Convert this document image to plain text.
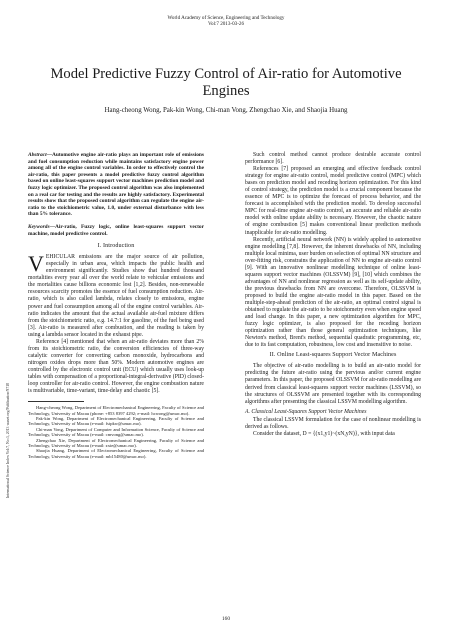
World Academy of Science, Engineering and Technology
Vol:7 2013-03-26
Model Predictive Fuzzy Control of Air-ratio for Automotive Engines
Hang-cheong Wong, Pak-kin Wong, Chi-man Vong, Zhengchao Xie, and Shaojia Huang
International Science Index Vol:7, No:3, 2013 waset.org/Publication/9718
Abstract—Automotive engine air-ratio plays an important role of emissions and fuel consumption reduction while maintains satisfactory engine power among all of the engine control variables. In order to effectively control the air-ratio, this paper presents a model predictive fuzzy control algorithm based on online least-squares support vector machines prediction model and fuzzy logic optimizer. The proposed control algorithm was also implemented on a real car for testing and the results are highly satisfactory. Experimental results show that the proposed control algorithm can regulate the engine air-ratio to the stoichiometric value, 1.0, under external disturbance with less than 5% tolerance.
Keywords—Air-ratio, Fuzzy logic, online least-squares support vector machine, model predictive control.
I. Introduction

VEHICULAR emissions are the major source of air pollution, especially in urban area, which impacts the public health and environment significantly. Studies show that hundred thousand mortalities every year all over the world relate to vehicular emissions and the mortalities cause billions economic lost [1,2]. Besides, non-renewable resources scarcity promotes the essence of fuel consumption reduction. Air-ratio, which is also called lambda, relates closely to emissions, engine power and fuel consumption among all of the engine control variables. Air-ratio indicates the amount that the actual available air-fuel mixture differs from the stoichiometric ratio, e.g. 14.7:1 for gasoline, of the fuel being used [3]. Air-ratio is measured after combustion, and the reading is taken by using a lambda sensor located in the exhaust pipe.

Reference [4] mentioned that when an air-ratio deviates more than 2% from its stoichiometric ratio, the conversion efficiencies of three-way catalytic converter for converting carbon monoxide, hydrocarbons and nitrogen oxides drops more than 50%. Modern automotive engines are controlled by the electronic control unit (ECU) which usually uses look-up tables with compensation of a proportional-integral-derivative (PID) closed-loop controller for air-ratio control. However, the engine combustion nature is multivariable, time-variant, time-delay and chaotic [5].

Hang-cheong Wong, Department of Electromechanical Engineering, Faculty of Science and Technology, University of Macau (phone: +853 8397 4292; e-mail: hcwong@umac.mo).

Pak-kin Wong, Department of Electromechanical Engineering, Faculty of Science and Technology, University of Macau (e-mail: fstpkw@umac.mo).

Chi-man Vong, Department of Computer and Information Science, Faculty of Science and Technology, University of Macau (e-mail: cmvong@umac.mo).

Zhengchao Xie, Department of Electromechanical Engineering, Faculty of Science and Technology, University of Macau (e-mail: zxie@umac.mo).

Shaojia Huang, Department of Electromechanical Engineering, Faculty of Science and Technology, University of Macau (e-mail: mb15480@umac.mo).

Such control method cannot produce desirable accurate control performance [6].

References [7] proposed an emerging and effective feedback control strategy for engine air-ratio control, model predictive control (MPC) which bases on prediction model and receding horizon optimization. For this kind of control strategy, the prediction model is a crucial component because the essence of MPC is to optimize the forecast of process behavior, and the forecast is accomplished with the prediction model. To develop successful MPC for real-time engine air-ratio control, an accurate and reliable air-ratio model with online update ability is necessary. However, the chaotic nature of engine combustion [5] makes conventional linear prediction methods inapplicable for air-ratio modelling.

Recently, artificial neural network (NN) is widely applied to automotive engine modelling [7,8]. However, the inherent drawbacks of NN, including multiple local minima, user burden on selection of optimal NN structure and over-fitting risk, constrains the application of NN to engine air-ratio control [9]. With an innovative nonlinear modelling technique of online least-squares support vector machines (OLSSVM) [9], [10] which combines the advantages of NN and nonlinear regression as well as its self-update ability, the previous drawbacks from NN are overcome. Therefore, OLSSVM is proposed to build the engine air-ratio model in this paper. Based on the multiple-step-ahead prediction of the air-ratio, an optimal control signal is obtained to regulate the air-ratio to be stoichometry even when engine speed and load change. In this paper, a new optimization algorithm for MPC, fuzzy logic optimizer, is also proposed for the receding horizon optimization rather than those general optimization techniques, like Newton's method, Brent's method, sequential quadratic programming, etc, due to its fast computation, robustness, low cost and insensitive to noise.

II. Online Least-squares Support Vector Machines

The objective of air-ratio modelling is to build an air-ratio model for predicting the future air-ratio using the pervious and/or current engine parameters. In this paper, the proposed OLSSVM for air-ratio modelling are derived from classical least-squares support vector machines (LSSVM), so the structures of OLSSVM are presented together with its corresponding algorithms after presenting the classical LSSVM modelling algorithm.

A. Classical Least-Squares Support Vector Machines

The classical LSSVM formulation for the case of nonlinear modelling is derived as follows.

Consider the dataset, D = {(x1,y1)~(xN,yN)}, with input data

160
